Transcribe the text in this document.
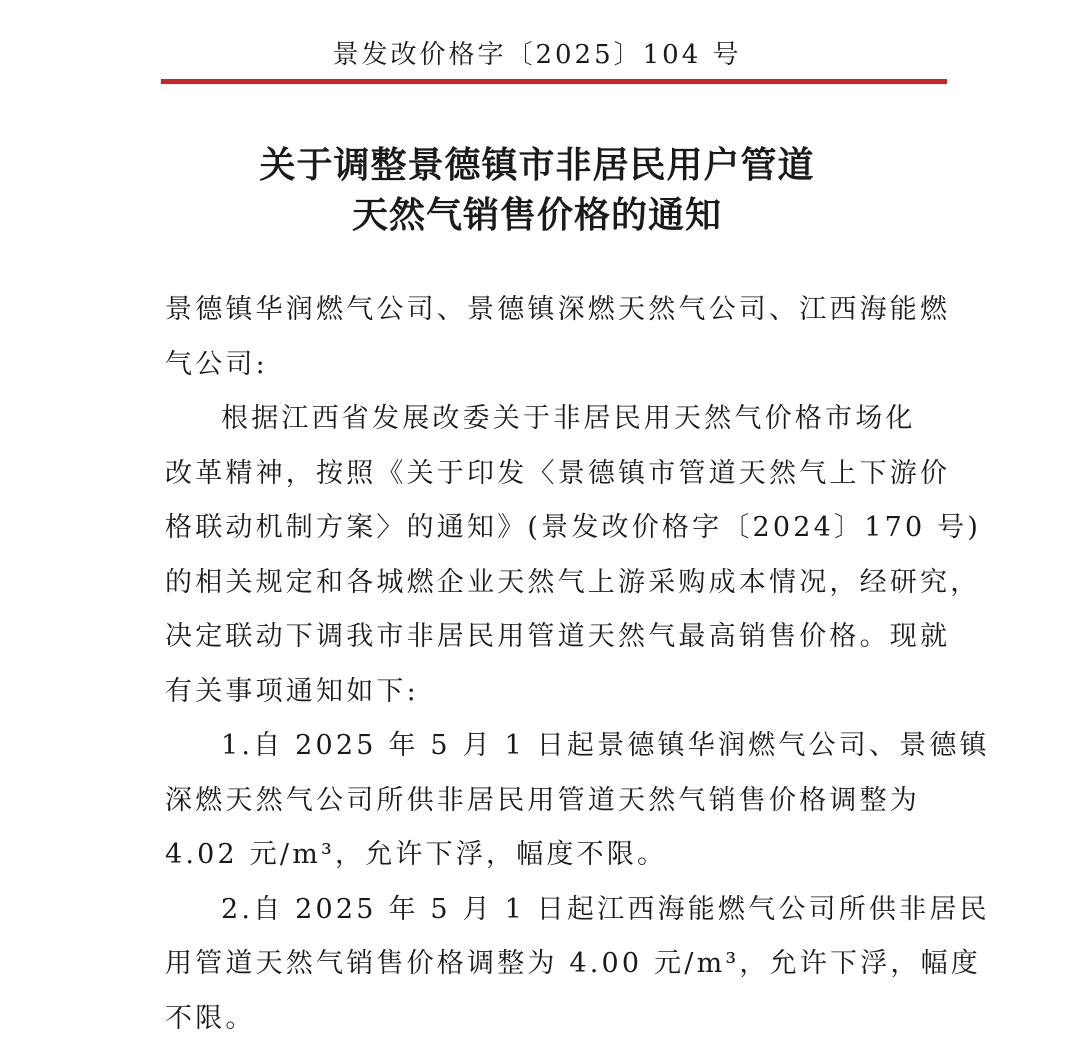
景发改价格字〔2025〕104 号
关于调整景德镇市非居民用户管道
天然气销售价格的通知
景德镇华润燃气公司、景德镇深燃天然气公司、江西海能燃
气公司:
根据江西省发展改委关于非居民用天然气价格市场化
改革精神，按照《关于印发〈景德镇市管道天然气上下游价
格联动机制方案〉的通知》(景发改价格字〔2024〕170 号)
的相关规定和各城燃企业天然气上游采购成本情况，经研究，
决定联动下调我市非居民用管道天然气最高销售价格。现就
有关事项通知如下:
1.自 2025 年 5 月 1 日起景德镇华润燃气公司、景德镇
深燃天然气公司所供非居民用管道天然气销售价格调整为
4.02 元/m³，允许下浮，幅度不限。
2.自 2025 年 5 月 1 日起江西海能燃气公司所供非居民
用管道天然气销售价格调整为 4.00 元/m³，允许下浮，幅度
不限。
